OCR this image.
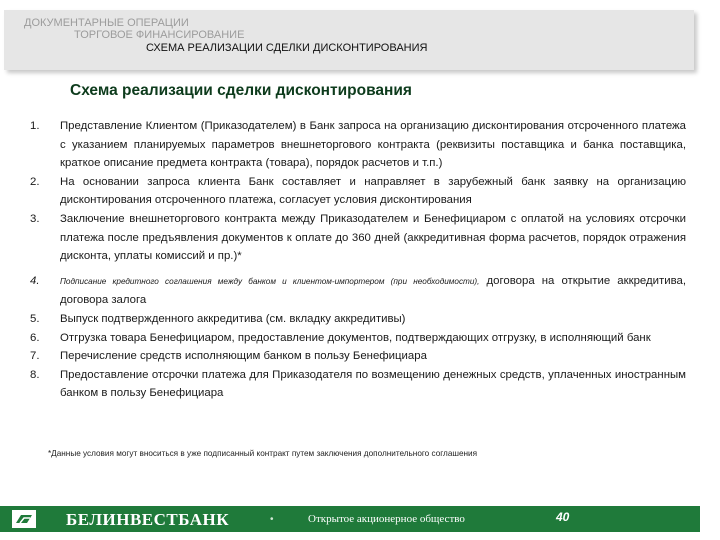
ДОКУМЕНТАРНЫЕ ОПЕРАЦИИ
ТОРГОВОЕ ФИНАНСИРОВАНИЕ
СХЕМА РЕАЛИЗАЦИИ СДЕЛКИ ДИСКОНТИРОВАНИЯ
Схема реализации сделки дисконтирования
1.	Представление Клиентом (Приказодателем) в Банк запроса на организацию дисконтирования отсроченного платежа с указанием планируемых параметров внешнеторгового контракта (реквизиты поставщика и банка поставщика, краткое описание предмета контракта (товара), порядок расчетов и т.п.)
2.	На основании запроса клиента Банк составляет и направляет в зарубежный банк заявку на организацию дисконтирования отсроченного платежа, согласует условия дисконтирования
3.	Заключение внешнеторгового контракта между Приказодателем и Бенефициаром с оплатой на условиях отсрочки платежа после предъявления документов к оплате до 360 дней (аккредитивная форма расчетов, порядок отражения дисконта, уплаты комиссий и пр.)*
4.	Подписание кредитного соглашения между банком и клиентом-импортером (при необходимости), договора на открытие аккредитива, договора залога
5.	Выпуск подтвержденного аккредитива (см. вкладку аккредитивы)
6.	Отгрузка товара Бенефициаром, предоставление документов, подтверждающих отгрузку, в исполняющий банк
7.	Перечисление средств исполняющим банком в пользу Бенефициара
8.	Предоставление отсрочки платежа для Приказодателя по возмещению денежных средств, уплаченных иностранным банком в пользу Бенефициара
*Данные условия могут вноситься в уже подписанный контракт путем заключения дополнительного соглашения
БЕЛИНВЕСТБАНК	•	Открытое акционерное общество	40
